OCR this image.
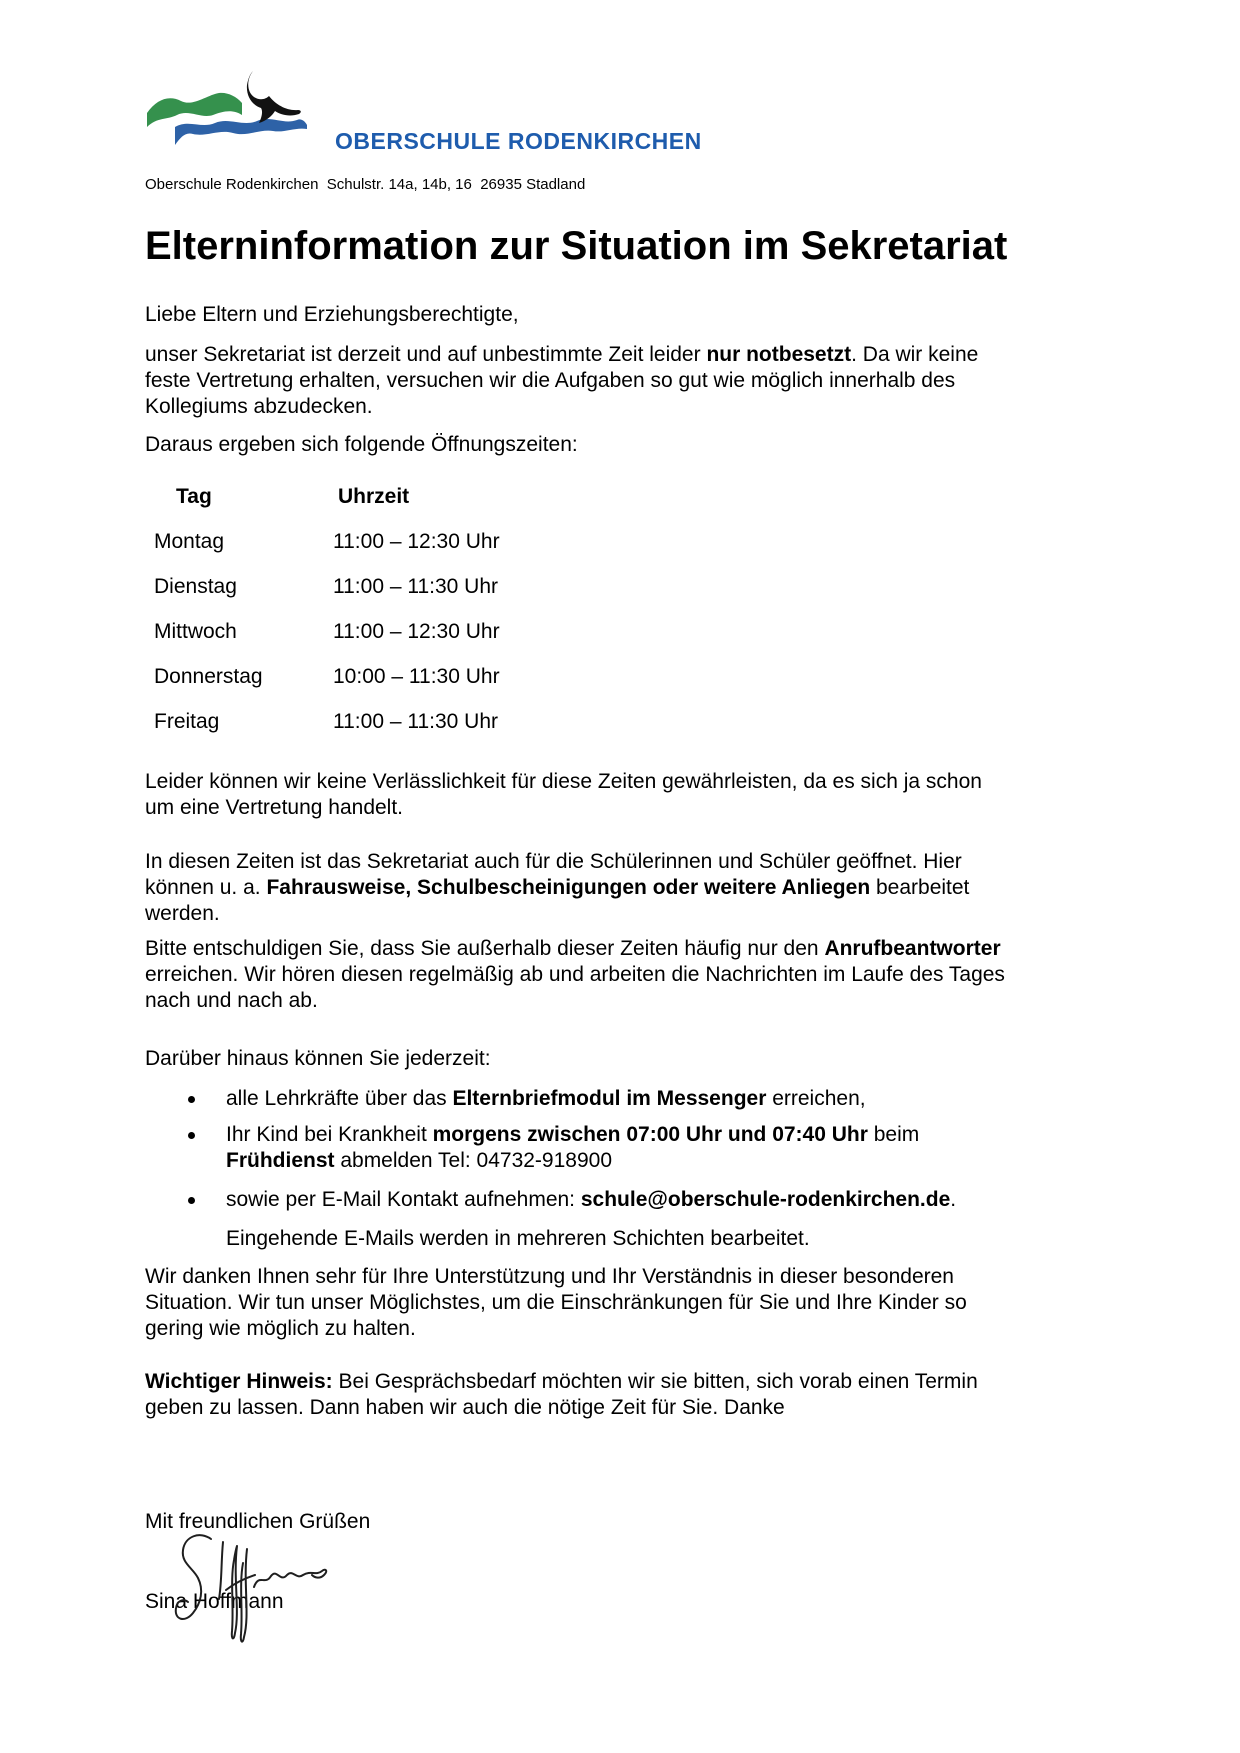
OBERSCHULE RODENKIRCHEN

Oberschule Rodenkirchen  Schulstr. 14a, 14b, 16  26935 Stadland

Elterninformation zur Situation im Sekretariat

Liebe Eltern und Erziehungsberechtigte,

unser Sekretariat ist derzeit und auf unbestimmte Zeit leider nur notbesetzt. Da wir keine
feste Vertretung erhalten, versuchen wir die Aufgaben so gut wie möglich innerhalb des
Kollegiums abzudecken.

Daraus ergeben sich folgende Öffnungszeiten:

Tag	Uhrzeit
Montag	11:00 – 12:30 Uhr
Dienstag	11:00 – 11:30 Uhr
Mittwoch	11:00 – 12:30 Uhr
Donnerstag	10:00 – 11:30 Uhr
Freitag	11:00 – 11:30 Uhr

Leider können wir keine Verlässlichkeit für diese Zeiten gewährleisten, da es sich ja schon
um eine Vertretung handelt.

In diesen Zeiten ist das Sekretariat auch für die Schülerinnen und Schüler geöffnet. Hier
können u. a. Fahrausweise, Schulbescheinigungen oder weitere Anliegen bearbeitet
werden.

Bitte entschuldigen Sie, dass Sie außerhalb dieser Zeiten häufig nur den Anrufbeantworter
erreichen. Wir hören diesen regelmäßig ab und arbeiten die Nachrichten im Laufe des Tages
nach und nach ab.

Darüber hinaus können Sie jederzeit:

alle Lehrkräfte über das Elternbriefmodul im Messenger erreichen,
Ihr Kind bei Krankheit morgens zwischen 07:00 Uhr und 07:40 Uhr beim
Frühdienst abmelden Tel: 04732-918900
sowie per E-Mail Kontakt aufnehmen: schule@oberschule-rodenkirchen.de.

Eingehende E-Mails werden in mehreren Schichten bearbeitet.

Wir danken Ihnen sehr für Ihre Unterstützung und Ihr Verständnis in dieser besonderen
Situation. Wir tun unser Möglichstes, um die Einschränkungen für Sie und Ihre Kinder so
gering wie möglich zu halten.

Wichtiger Hinweis: Bei Gesprächsbedarf möchten wir sie bitten, sich vorab einen Termin
geben zu lassen. Dann haben wir auch die nötige Zeit für Sie. Danke

Mit freundlichen Grüßen

Sina Hoffmann
